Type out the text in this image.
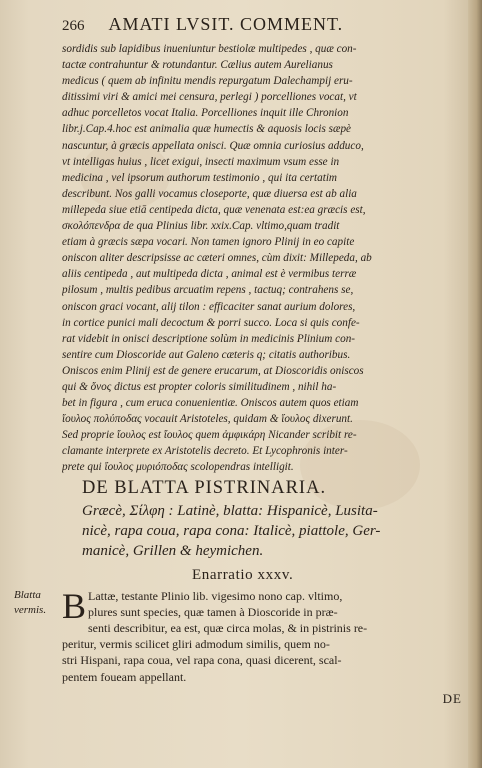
266 AMATI LVSIT. COMMENT.
sordidis sub lapidibus inueniuntur bestiolæ multipedes , quæ con-
tactæ contrahuntur & rotundantur. Cælius autem Aurelianus
medicus ( quem ab infinitu mendis repurgatum Dalechampij eru-
ditissimi viri & amici mei censura, perlegi ) porcelliones vocat, vt
adhuc porcelletos vocat Italia. Porcelliones inquit ille Chronion
libr.j.Cap.4.hoc est animalia quæ humectis & aquosis locis sæpè
nascuntur, à græcis appellata onisci. Quæ omnia curiosius adduco,
vt intelligas huius , licet exigui, insecti maximum vsum esse in
medicina , vel ipsorum authorum testimonio , qui ita certatim
describunt. Nos galli vocamus closeporte, quæ diuersa est ab alia
millepeda siue etiā centipeda dicta, quæ venenata est:ea græcis est,
σκολόπενδρα de qua Plinius libr. xxix.Cap. vltimo,quam tradit
etiam à græcis sæpa vocari. Non tamen ignoro Plinij in eo capite
oniscon aliter descripsisse ac cæteri omnes, cùm dixit: Millepeda, ab
aliis centipeda , aut multipeda dicta , animal est è vermibus terræ
pilosum , multis pedibus arcuatim repens , tactuq; contrahens se,
oniscon graci vocant, alij tilon : efficaciter sanat aurium dolores,
in cortice punici mali decoctum & porri succo. Loca si quis confe-
rat videbit in onisci descriptione solùm in medicinis Plinium con-
sentire cum Dioscoride aut Galeno cæteris q; citatis authoribus.
Oniscos enim Plinij est de genere erucarum, at Dioscoridis oniscos
qui & ὄνος dictus est propter coloris similitudinem , nihil ha-
bet in figura , cum eruca conuenientiæ. Oniscos autem quos etiam
ἴουλος πολύποδας vocauit Aristoteles, quidam & ἴουλος dixerunt.
Sed proprie ἴουλος est ἴουλος quem ἀμφικάρη Nicander scribit re-
clamante interprete ex Aristotelis decreto. Et Lycophronis inter-
prete qui ἴουλος μυριόποδας scolopendras intelligit.
DE BLATTA PISTRINARIA.
Græcè, Σίλφη : Latinè, blatta: Hispanicè, Lusita-
nicè, rapa coua, rapa cona: Italicè, piattole, Ger-
manicè, Grillen & heymichen.
Enarratio xxxv.
Blatta
vermis. B Lattæ, testante Plinio lib. vigesimo nono cap. vltimo,
plures sunt species, quæ tamen à Dioscoride in præ-
senti describitur, ea est, quæ circa molas, & in pistrinis re-
peritur, vermis scilicet gliri admodum similis, quem no-
stri Hispani, rapa coua, vel rapa cona, quasi dicerent, scal-
pentem foueam appellant.
DE
